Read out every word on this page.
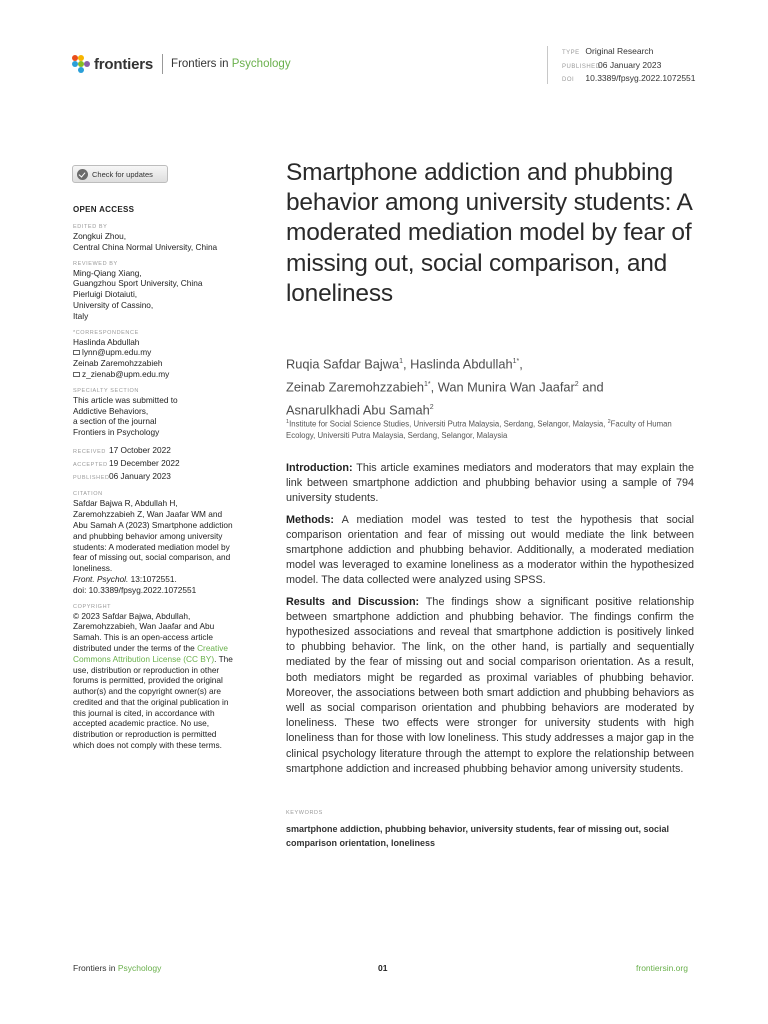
frontiers Frontiers in Psychology
TYPE Original Research
PUBLISHED06 January 2023
DOI 10.3389/fpsyg.2022.1072551
Check for updates
OPEN ACCESS
EDITED BY
Zongkui Zhou,
Central China Normal University, China
REVIEWED BY
Ming-Qiang Xiang,
Guangzhou Sport University, China
Pierluigi Diotaiuti,
University of Cassino,
Italy
*CORRESPONDENCE
Haslinda Abdullah
lynn@upm.edu.my
Zeinab Zaremohzzabieh
z_zienab@upm.edu.my
SPECIALTY SECTION
This article was submitted to
Addictive Behaviors,
a section of the journal
Frontiers in Psychology
RECEIVED 17 October 2022
ACCEPTED 19 December 2022
PUBLISHED 06 January 2023
CITATION
Safdar Bajwa R, Abdullah H,
Zaremohzzabieh Z, Wan Jaafar WM and
Abu Samah A (2023) Smartphone addiction
and phubbing behavior among university
students: A moderated mediation model by
fear of missing out, social comparison, and
loneliness.
Front. Psychol. 13:1072551.
doi: 10.3389/fpsyg.2022.1072551
COPYRIGHT
© 2023 Safdar Bajwa, Abdullah,
Zaremohzzabieh, Wan Jaafar and Abu
Samah. This is an open-access article
distributed under the terms of the Creative
Commons Attribution License (CC BY). The
use, distribution or reproduction in other
forums is permitted, provided the original
author(s) and the copyright owner(s) are
credited and that the original publication in
this journal is cited, in accordance with
accepted academic practice. No use,
distribution or reproduction is permitted
which does not comply with these terms.
Smartphone addiction and phubbing behavior among university students: A moderated mediation model by fear of missing out, social comparison, and loneliness
Ruqia Safdar Bajwa$^1$, Haslinda Abdullah$^{1*}$,
Zeinab Zaremohzzabieh$^{1*}$, Wan Munira Wan Jaafar$^2$ and
Asnarulkhadi Abu Samah$^2$
$^1$Institute for Social Science Studies, Universiti Putra Malaysia, Serdang, Selangor, Malaysia, $^2$Faculty of Human Ecology, Universiti Putra Malaysia, Serdang, Selangor, Malaysia

Introduction: This article examines mediators and moderators that may explain the link between smartphone addiction and phubbing behavior using a sample of 794 university students.

Methods: A mediation model was tested to test the hypothesis that social comparison orientation and fear of missing out would mediate the link between smartphone addiction and phubbing behavior. Additionally, a moderated mediation model was leveraged to examine loneliness as a moderator within the hypothesized model. The data collected were analyzed using SPSS.

Results and Discussion: The findings show a significant positive relationship between smartphone addiction and phubbing behavior. The findings confirm the hypothesized associations and reveal that smartphone addiction is positively linked to phubbing behavior. The link, on the other hand, is partially and sequentially mediated by the fear of missing out and social comparison orientation. As a result, both mediators might be regarded as proximal variables of phubbing behavior. Moreover, the associations between both smart addiction and phubbing behaviors as well as social comparison orientation and phubbing behaviors are moderated by loneliness. These two effects were stronger for university students with high loneliness than for those with low loneliness. This study addresses a major gap in the clinical psychology literature through the attempt to explore the relationship between smartphone addiction and increased phubbing behavior among university students.

KEYWORDS
smartphone addiction, phubbing behavior, university students, fear of missing out, social comparison orientation, loneliness
Frontiers in Psychology	01	frontiersin.org
